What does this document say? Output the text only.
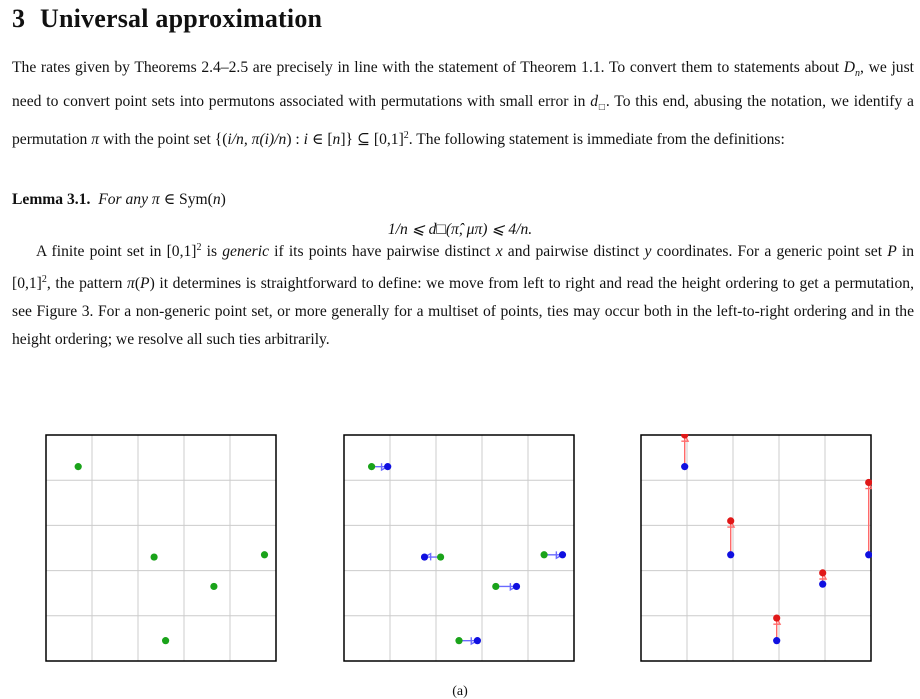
3 Universal approximation
The rates given by Theorems 2.4–2.5 are precisely in line with the statement of Theorem 1.1. To convert them to statements about $D_n$, we just need to convert point sets into permutons associated with permutations with small error in $d_□$. To this end, abusing the notation, we identify a permutation π with the point set {(i/n, π(i)/n) : i ∈ [n]} ⊆ $[0,1]^2$. The following statement is immediate from the definitions:
Lemma 3.1. For any π ∈ Sym(n)
1/n ⩽ d□(π̂, μπ) ⩽ 4/n.
A finite point set in $[0,1]^2$ is generic if its points have pairwise distinct x and pairwise distinct y coordinates. For a generic point set P in $[0,1]^2$, the pattern π(P) it determines is straightforward to define: we move from left to right and read the height ordering to get a permutation, see Figure 3. For a non-generic point set, or more generally for a multiset of points, ties may occur both in the left-to-right ordering and in the height ordering; we resolve all such ties arbitrarily.
(a)
